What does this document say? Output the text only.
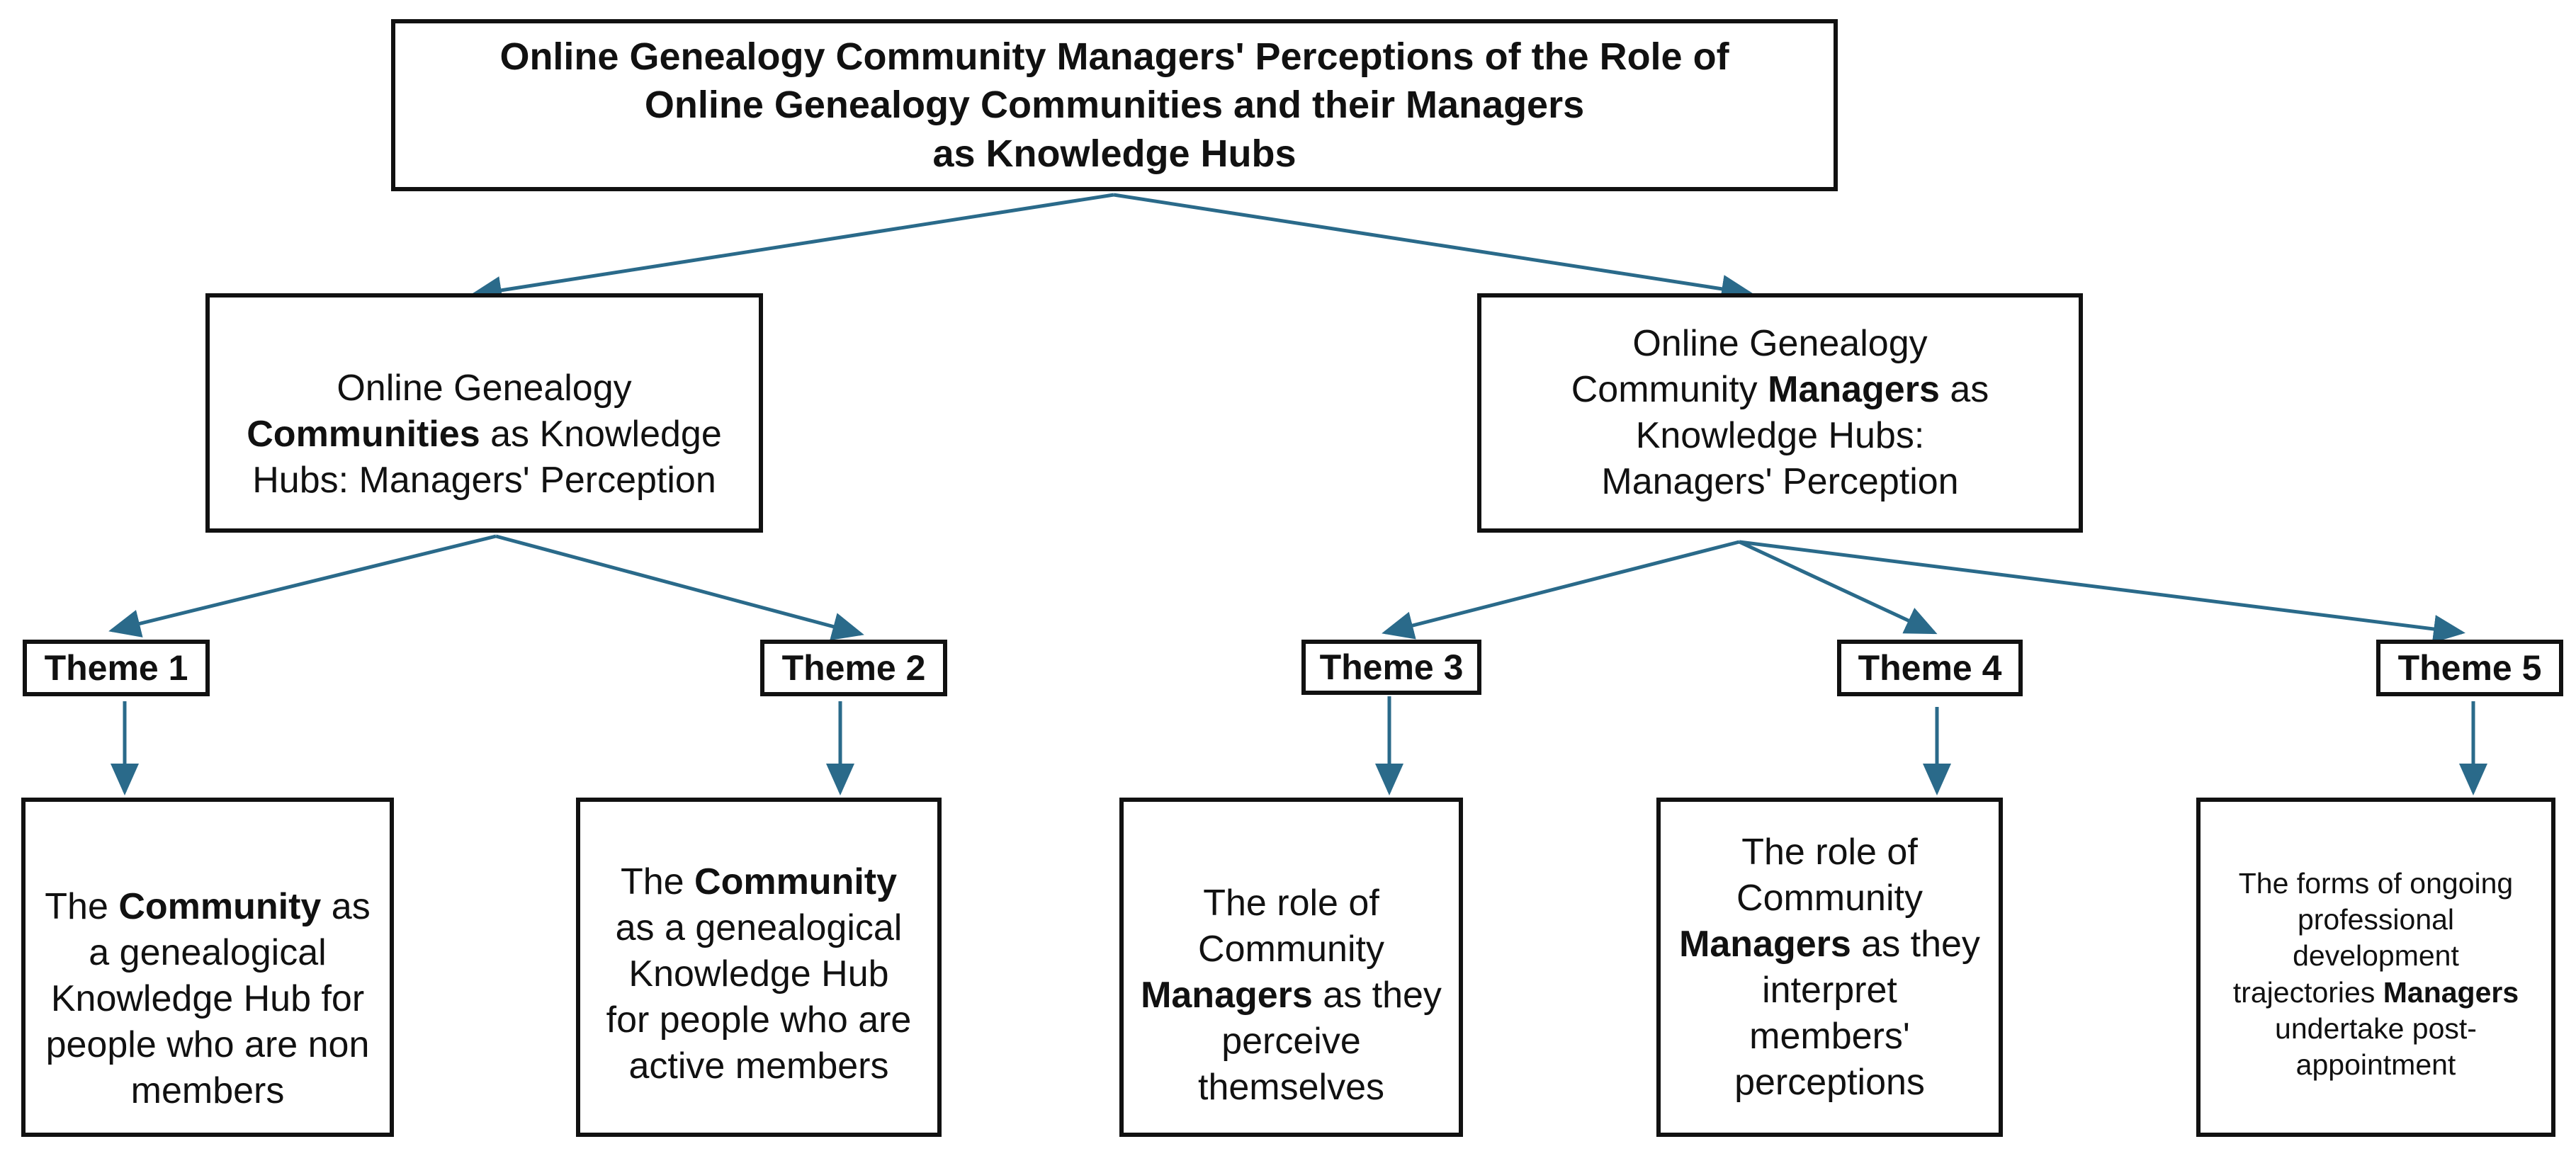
Online Genealogy Community Managers' Perceptions of the Role of
Online Genealogy Communities and their Managers
as Knowledge Hubs
Online Genealogy
Communities as Knowledge
Hubs: Managers' Perception
Online Genealogy
Community Managers as
Knowledge Hubs:
Managers' Perception
Theme 1	Theme 2	Theme 3	Theme 4	Theme 5
The Community as
a genealogical
Knowledge Hub for
people who are non
members
The Community
as a genealogical
Knowledge Hub
for people who are
active members
The role of
Community
Managers as they
perceive
themselves
The role of
Community
Managers as they
interpret
members'
perceptions
The forms of ongoing
professional
development
trajectories Managers
undertake post-
appointment
